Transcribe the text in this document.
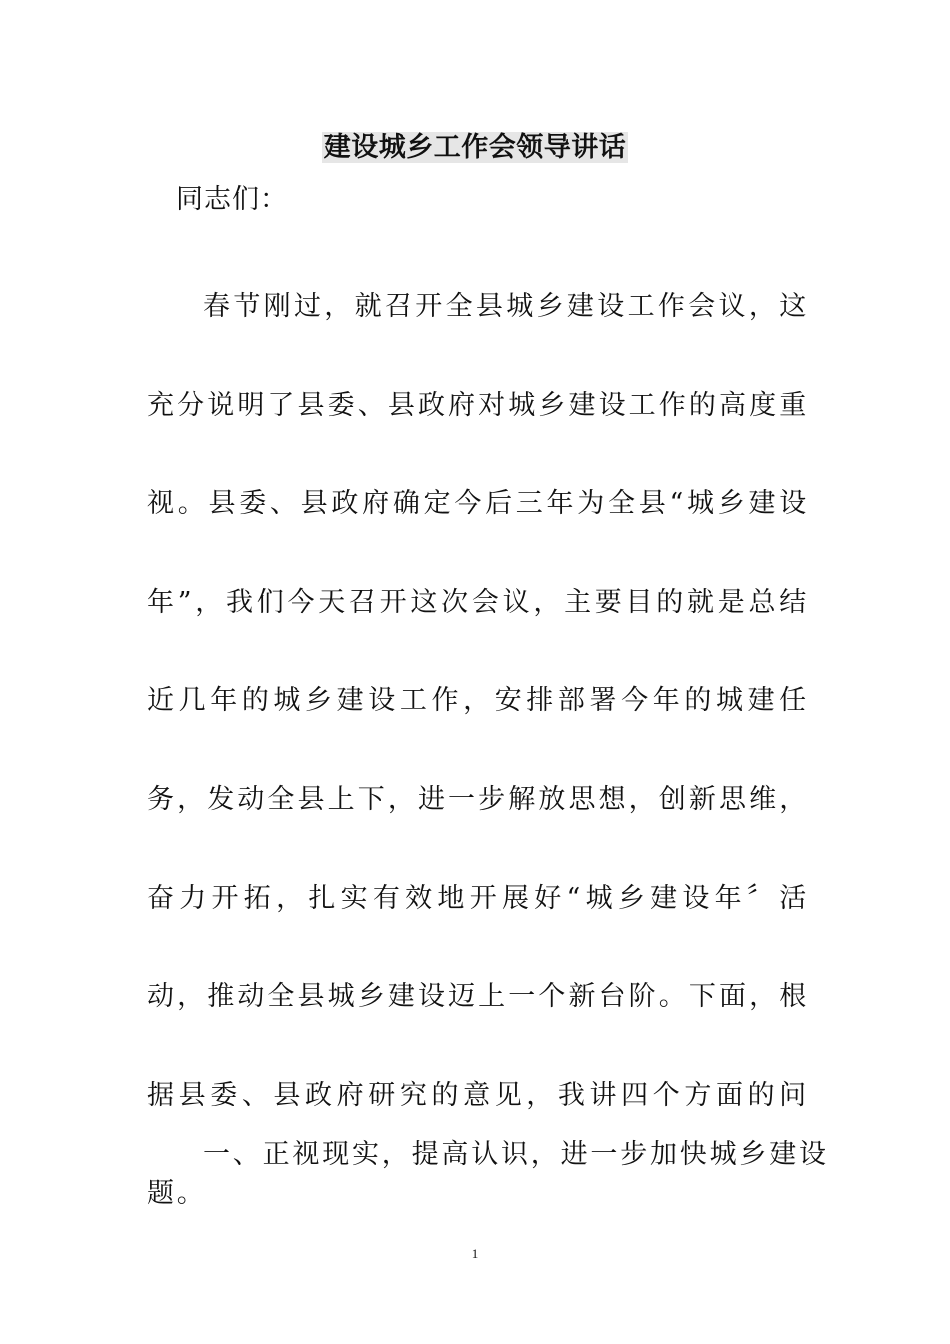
建设城乡工作会领导讲话
同志们：

春节刚过，就召开全县城乡建设工作会议，这充分说明了县委、县政府对城乡建设工作的高度重视。县委、县政府确定今后三年为全县“城乡建设年”，我们今天召开这次会议，主要目的就是总结近几年的城乡建设工作，安排部署今年的城建任务，发动全县上下，进一步解放思想，创新思维，奋力开拓，扎实有效地开展好“城乡建设年〞活动，推动全县城乡建设迈上一个新台阶。下面，根据县委、县政府研究的意见，我讲四个方面的问题。

一、正视现实，提高认识，进一步加快城乡建设

1
